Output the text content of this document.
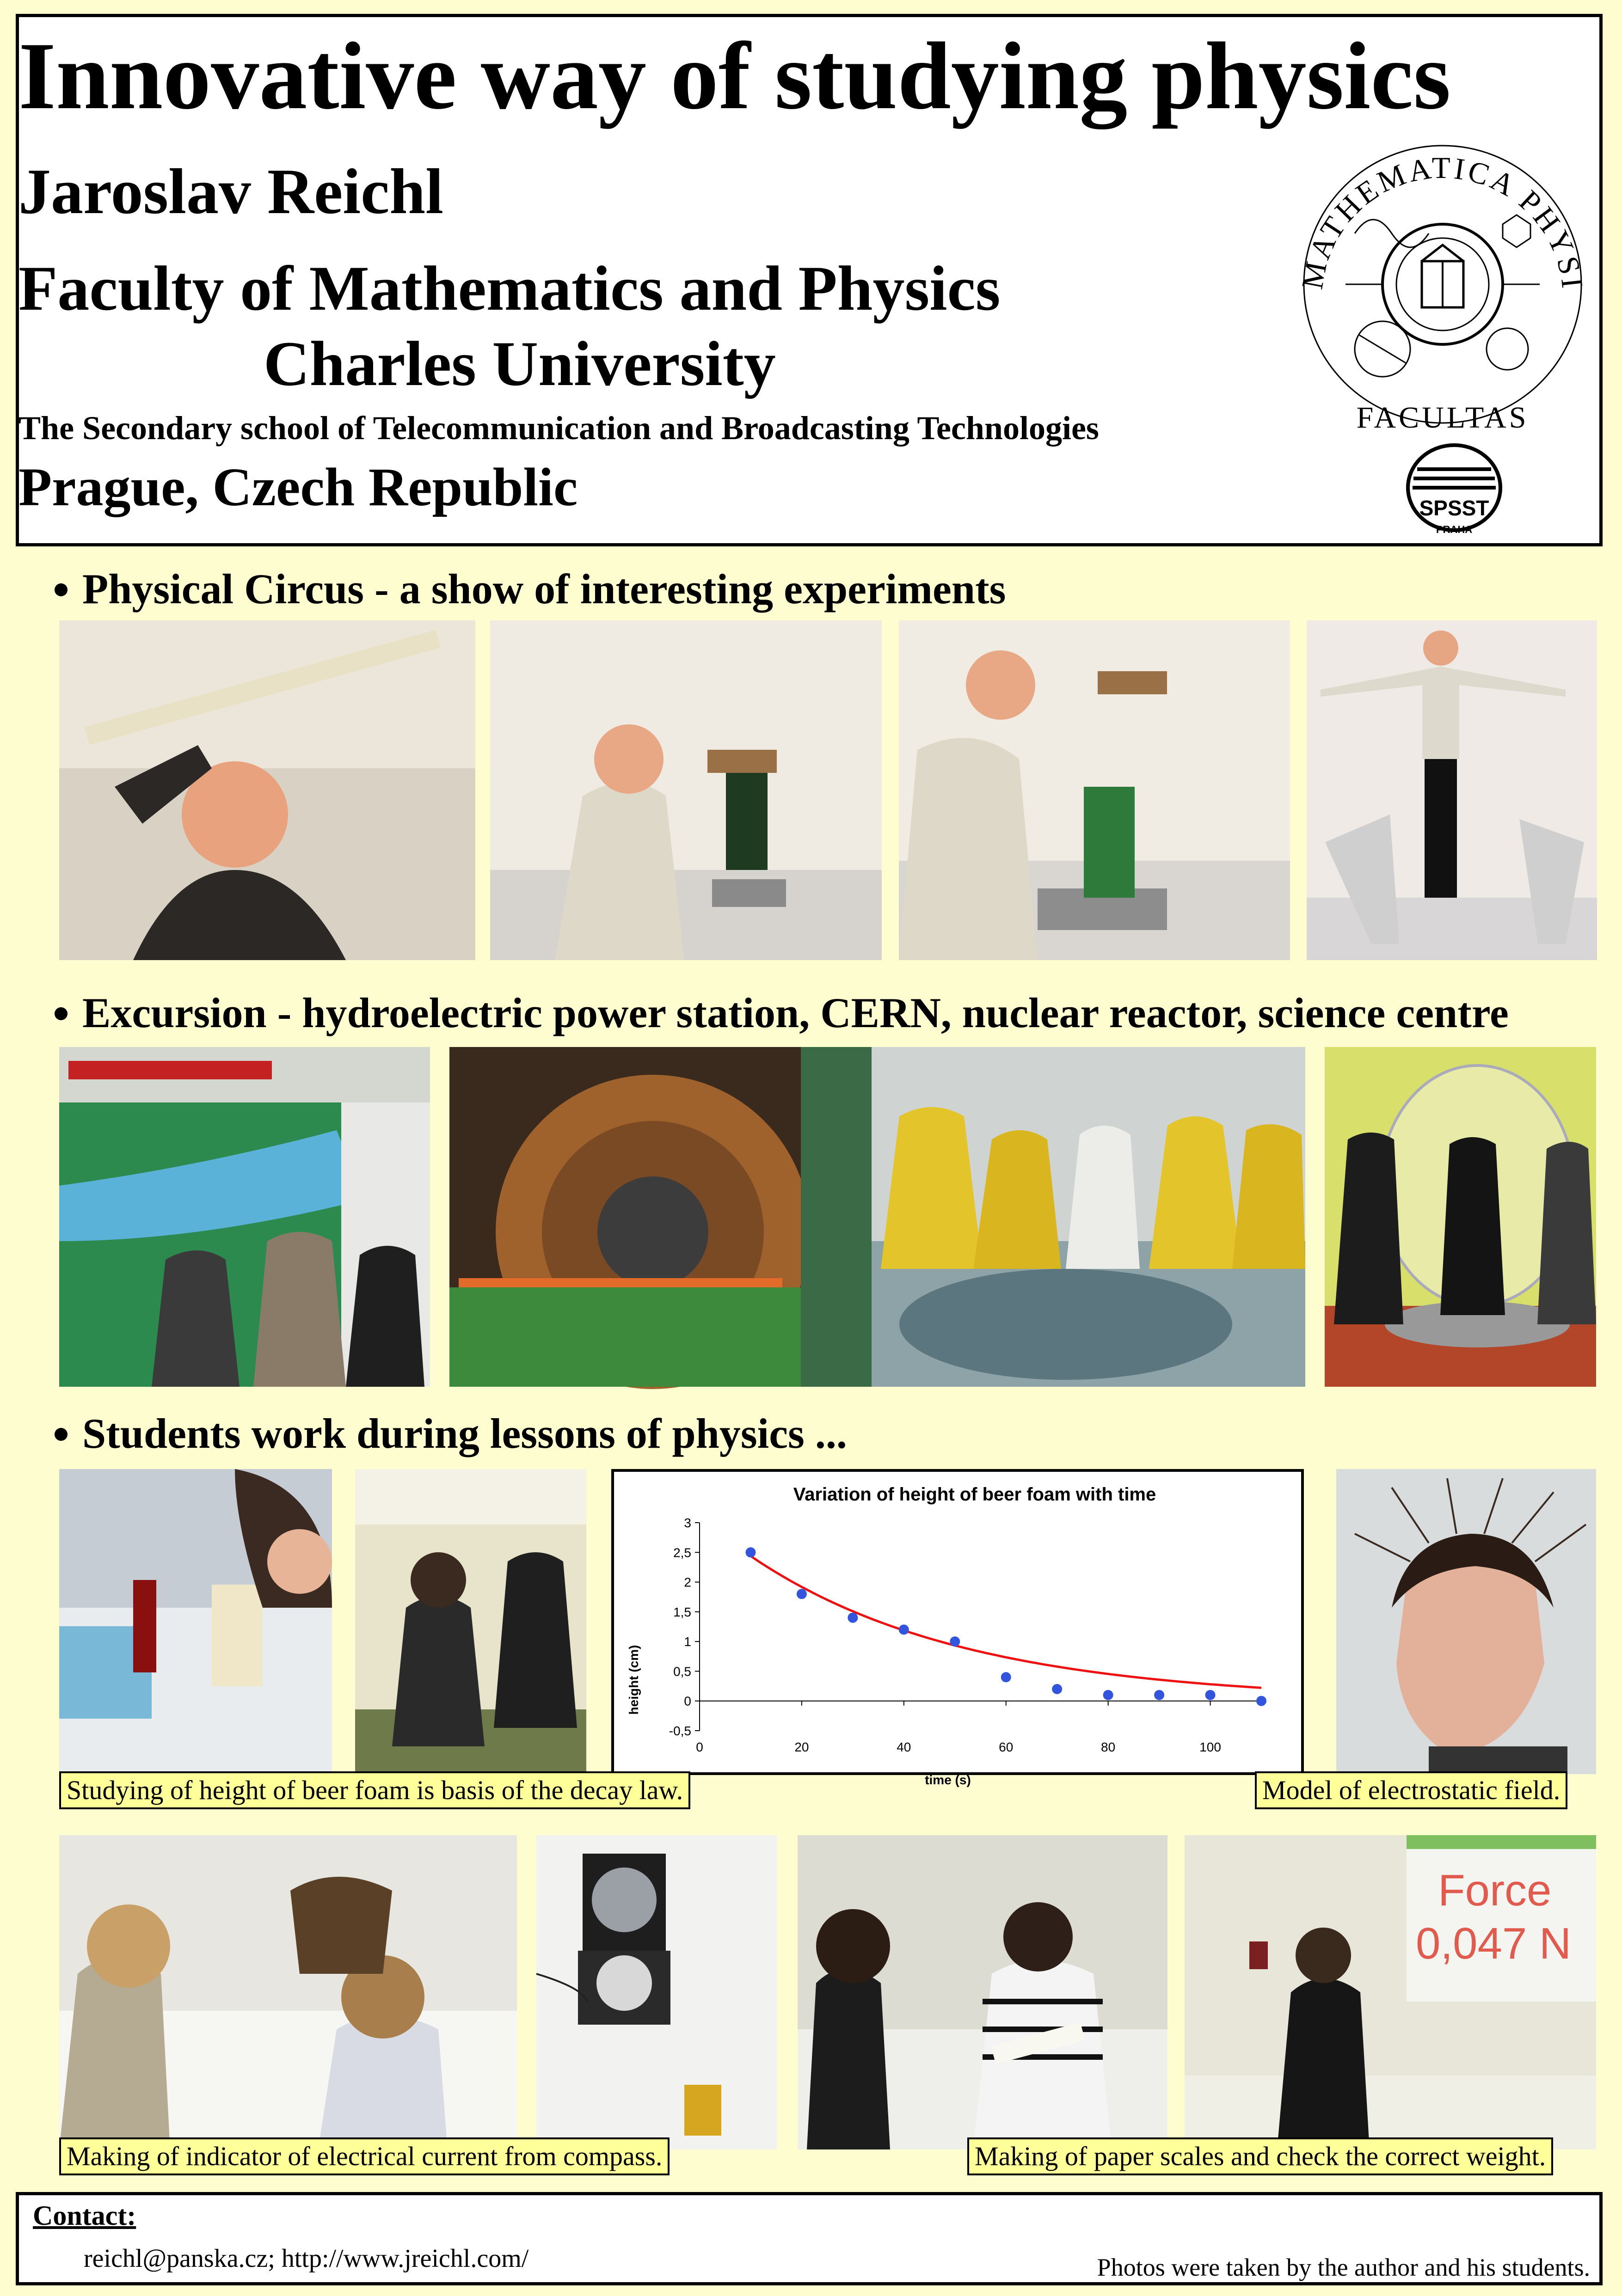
Innovative way of studying physics
Jaroslav Reichl
Faculty of Mathematics and Physics
Charles University
The Secondary school of Telecommunication and Broadcasting Technologies
Prague, Czech Republic
MATHEMATICA PHYSI
FACULTAS
SPSST
PRAHA
Physical Circus - a show of interesting experiments
Excursion - hydroelectric power station, CERN, nuclear reactor, science centre
Students work during lessons of physics ...
Variation of height of beer foam with time
height (cm)
time (s)
-0,5
0
0,5
1
1,5
2
2,5
3
0	20	40	60	80	100
Studying of height of beer foam is basis of the decay law.	Model of electrostatic field.
Force
0,047 N
Making of indicator of electrical current from compass.	Making of paper scales and check the correct weight.
Contact:
reichl@panska.cz; http://www.jreichl.com/	Photos were taken by the author and his students.
